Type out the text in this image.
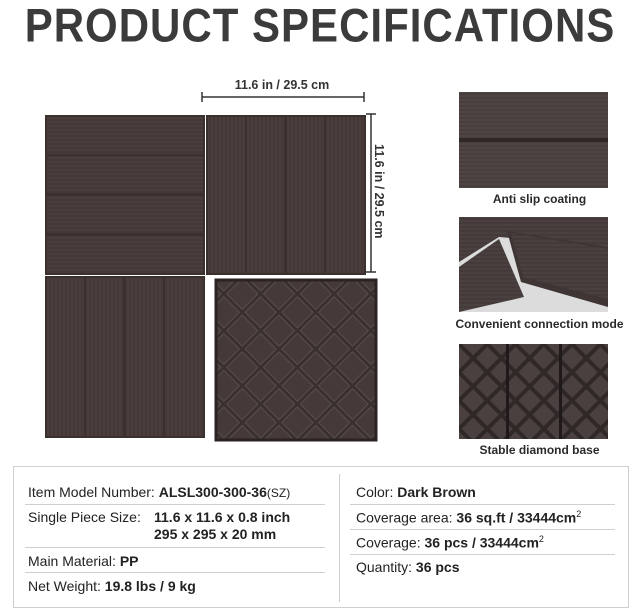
PRODUCT SPECIFICATIONS
11.6 in / 29.5 cm
11.6 in / 29.5 cm	Anti slip coating
Convenient connection mode
Stable diamond base
Item Model Number: ALSL300-300-36(SZ)
Single Piece Size: 11.6 x 11.6 x 0.8 inch
295 x 295 x 20 mm
Main Material: PP
Net Weight: 19.8 lbs / 9 kg
Color: Dark Brown
Coverage area: 36 $sq.ft / 33444cm^2$
Coverage: 36 pcs / $33444cm^2$
Quantity: 36 pcs
